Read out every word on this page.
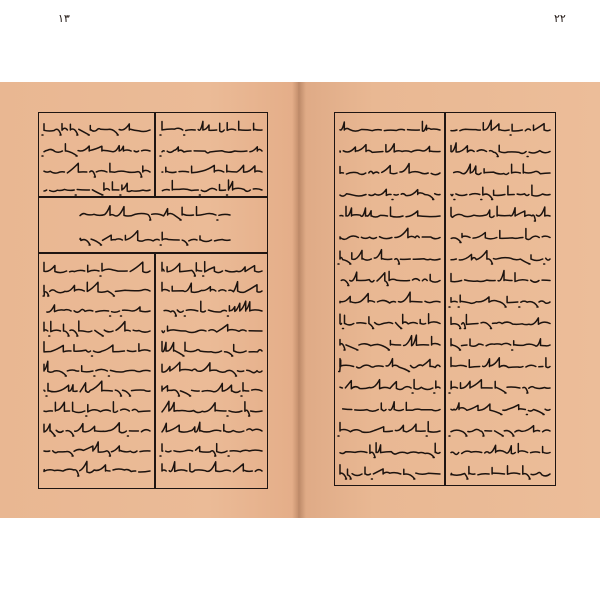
١٣	٢٢
